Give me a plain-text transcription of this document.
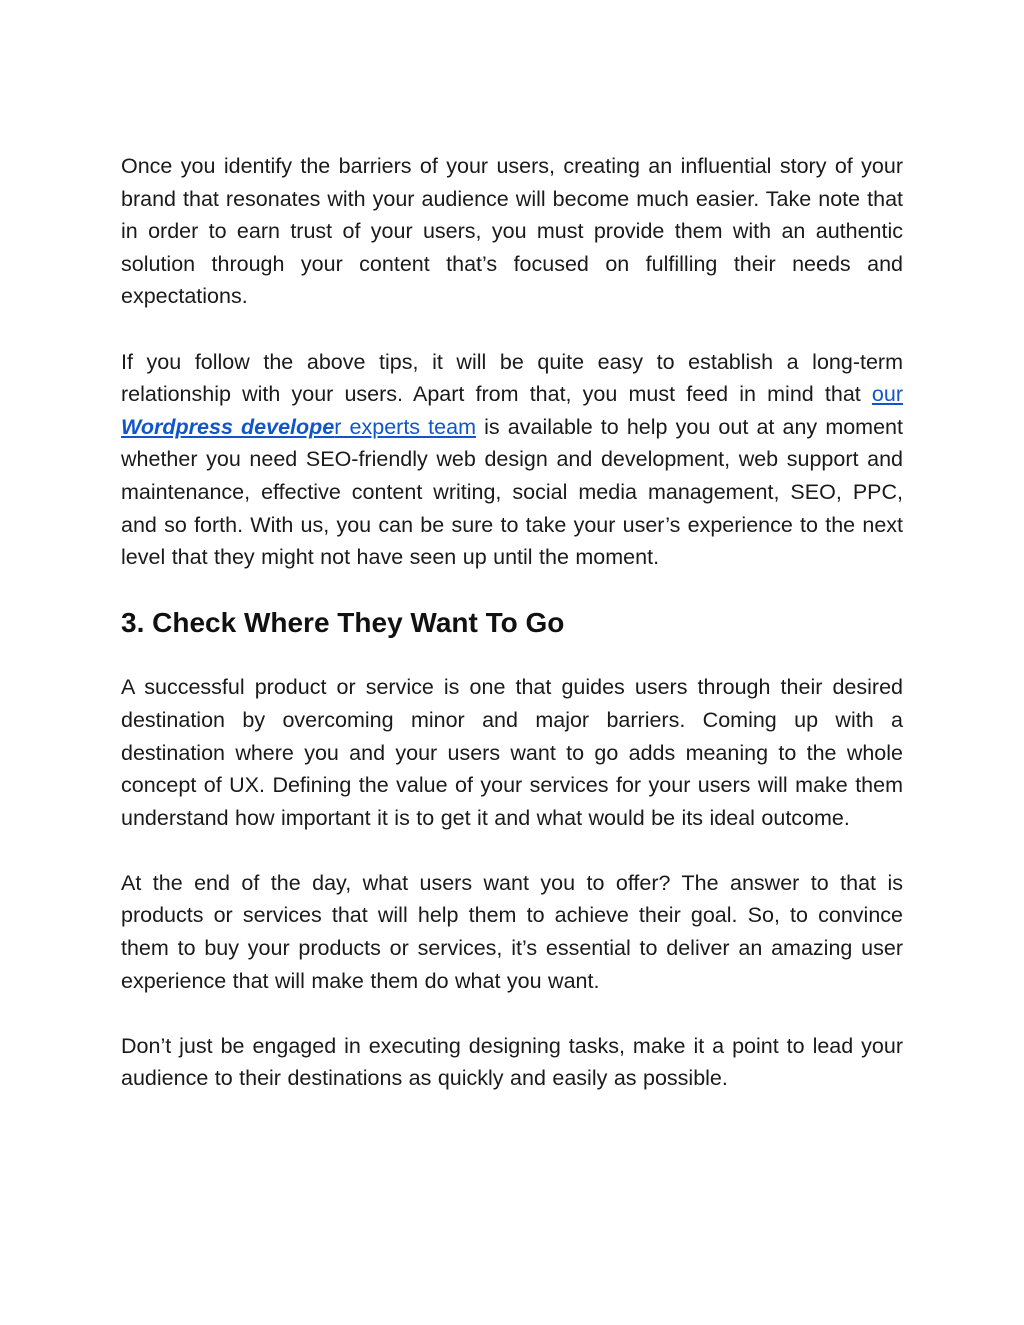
Once you identify the barriers of your users, creating an influential story of your brand that resonates with your audience will become much easier. Take note that in order to earn trust of your users, you must provide them with an authentic solution through your content that’s focused on fulfilling their needs and expectations.

If you follow the above tips, it will be quite easy to establish a long-term relationship with your users. Apart from that, you must feed in mind that our Wordpress developer experts team is available to help you out at any moment whether you need SEO-friendly web design and development, web support and maintenance, effective content writing, social media management, SEO, PPC, and so forth. With us, you can be sure to take your user’s experience to the next level that they might not have seen up until the moment.

3. Check Where They Want To Go

A successful product or service is one that guides users through their desired destination by overcoming minor and major barriers. Coming up with a destination where you and your users want to go adds meaning to the whole concept of UX. Defining the value of your services for your users will make them understand how important it is to get it and what would be its ideal outcome.

At the end of the day, what users want you to offer? The answer to that is products or services that will help them to achieve their goal. So, to convince them to buy your products or services, it’s essential to deliver an amazing user experience that will make them do what you want.

Don’t just be engaged in executing designing tasks, make it a point to lead your audience to their destinations as quickly and easily as possible.
